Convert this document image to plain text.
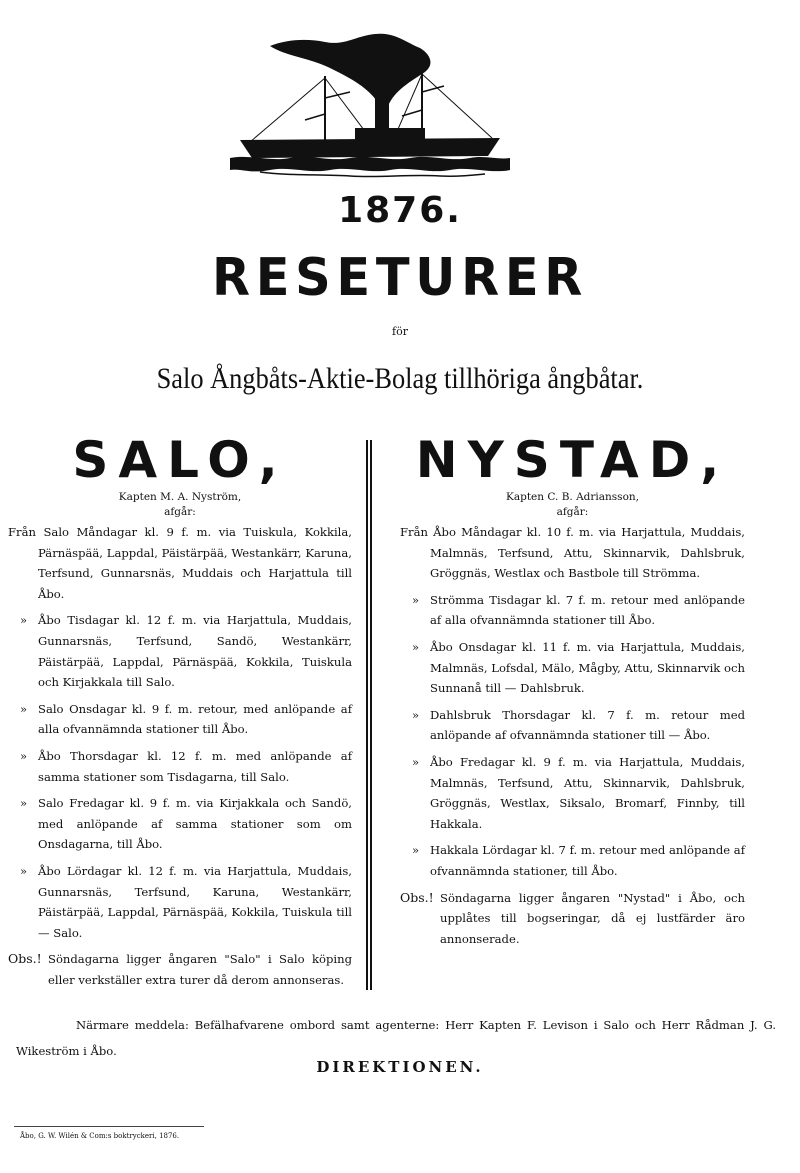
1876.
RESETURER
för
Salo Ångbåts-Aktie-Bolag tillhöriga ångbåtar.
SALO,
Kapten M. A. Nyström,
afgår:
Från Salo Måndagar kl. 9 f. m. via Tuiskula, Kokkila, Pärnäspää, Lappdal, Päistärpää, Westankärr, Karuna, Terfsund, Gunnarsnäs, Muddais och Harjattula till Åbo.
» Åbo Tisdagar kl. 12 f. m. via Harjattula, Muddais, Gunnarsnäs, Terfsund, Sandö, Westankärr, Päistärpää, Lappdal, Pärnäspää, Kokkila, Tuiskula och Kirjakkala till Salo.
» Salo Onsdagar kl. 9 f. m. retour, med anlöpande af alla ofvannämnda stationer till Åbo.
» Åbo Thorsdagar kl. 12 f. m. med anlöpande af samma stationer som Tisdagarna, till Salo.
» Salo Fredagar kl. 9 f. m. via Kirjakkala och Sandö, med anlöpande af samma stationer som om Onsdagarna, till Åbo.
» Åbo Lördagar kl. 12 f. m. via Harjattula, Muddais, Gunnarsnäs, Terfsund, Karuna, Westankärr, Päistärpää, Lappdal, Pärnäspää, Kokkila, Tuiskula till — Salo.
Obs.! Söndagarna ligger ångaren "Salo" i Salo köping eller verkställer extra turer då derom annonseras.
NYSTAD,
Kapten C. B. Adriansson,
afgår:
Från Åbo Måndagar kl. 10 f. m. via Harjattula, Muddais, Malmnäs, Terfsund, Attu, Skinnarvik, Dahlsbruk, Gröggnäs, Westlax och Bastbole till Strömma.
» Strömma Tisdagar kl. 7 f. m. retour med anlöpande af alla ofvannämnda stationer till Åbo.
» Åbo Onsdagar kl. 11 f. m. via Harjattula, Muddais, Malmnäs, Lofsdal, Mälo, Mågby, Attu, Skinnarvik och Sunnanå till — Dahlsbruk.
» Dahlsbruk Thorsdagar kl. 7 f. m. retour med anlöpande af ofvannämnda stationer till — Åbo.
» Åbo Fredagar kl. 9 f. m. via Harjattula, Muddais, Malmnäs, Terfsund, Attu, Skinnarvik, Dahlsbruk, Gröggnäs, Westlax, Siksalo, Bromarf, Finnby, till Hakkala.
» Hakkala Lördagar kl. 7 f. m. retour med anlöpande af ofvannämnda stationer, till Åbo.
Obs.! Söndagarna ligger ångaren "Nystad" i Åbo, och upplåtes till bogseringar, då ej lustfärder äro annonserade.
Närmare meddela: Befälhafvarene ombord samt agenterne: Herr Kapten F. Levison i Salo och Herr Rådman J. G. Wikeström i Åbo.
DIREKTIONEN.
Åbo, G. W. Wilén & Com:s boktryckeri, 1876.
